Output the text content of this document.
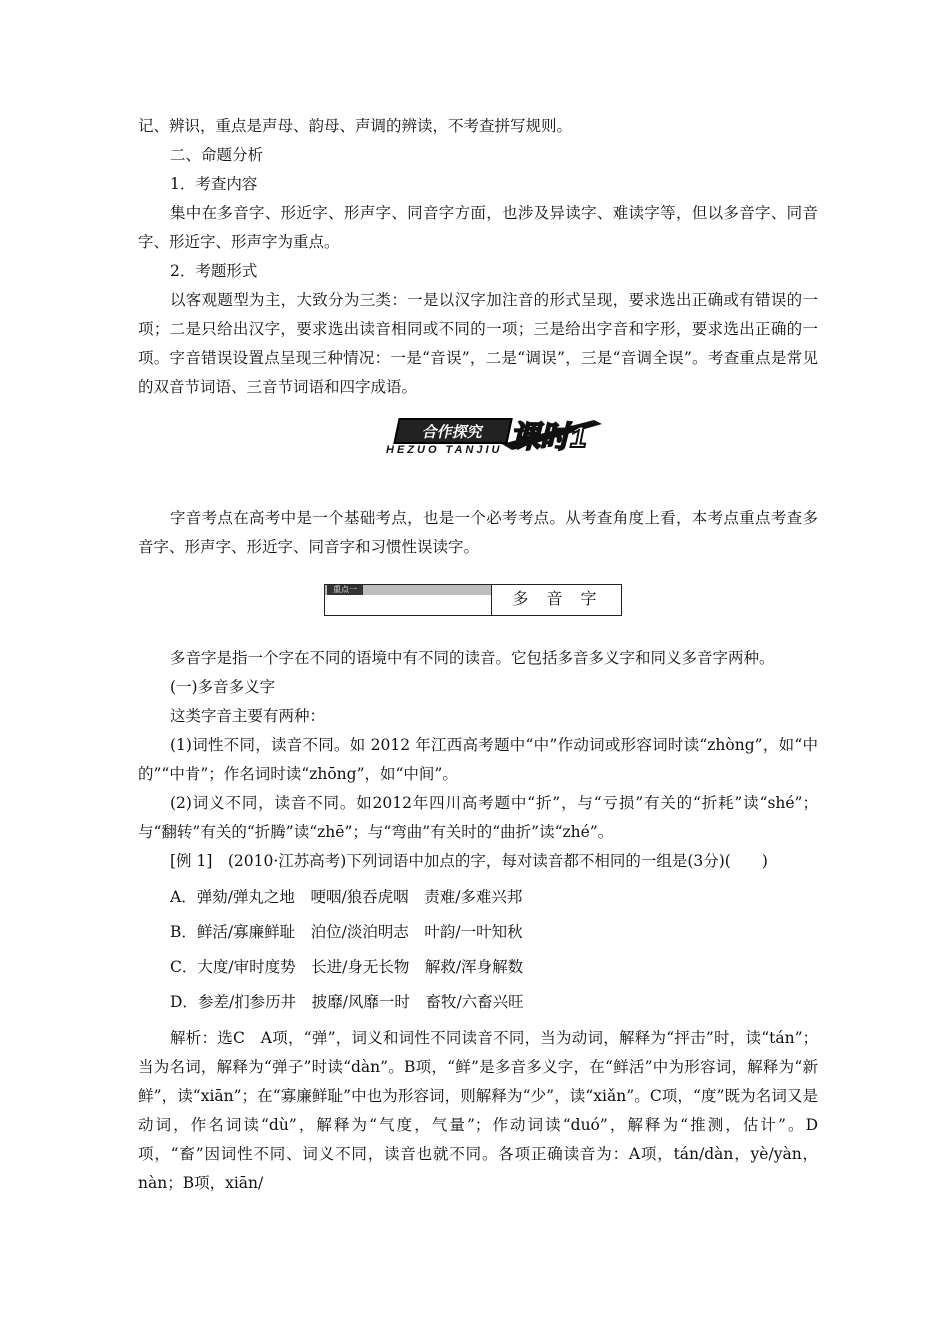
记、辨识，重点是声母、韵母、声调的辨读，不考查拼写规则。

二、命题分析

1．考查内容

集中在多音字、形近字、形声字、同音字方面，也涉及异读字、难读字等，但以多音字、同音字、形近字、形声字为重点。

2．考题形式

以客观题型为主，大致分为三类：一是以汉字加注音的形式呈现，要求选出正确或有错误的一项；二是只给出汉字，要求选出读音相同或不同的一项；三是给出字音和字形，要求选出正确的一项。字音错误设置点呈现三种情况：一是“音误”，二是“调误”，三是“音调全误”。考查重点是常见的双音节词语、三音节词语和四字成语。

合作探究
HEZUO TANJIU 课时1

字音考点在高考中是一个基础考点，也是一个必考考点。从考查角度上看，本考点重点考查多音字、形声字、形近字、同音字和习惯性误读字。

重点一	多音字

多音字是指一个字在不同的语境中有不同的读音。它包括多音多义字和同义多音字两种。

(一)多音多义字

这类字音主要有两种：

(1)词性不同，读音不同。如 2012 年江西高考题中“中”作动词或形容词时读“zhòng”，如“中的”“中肯”；作名词时读“zhōng”，如“中间”。

(2)词义不同，读音不同。如2012年四川高考题中“折”，与“亏损”有关的“折耗”读“shé”；与“翻转”有关的“折腾”读“zhē”；与“弯曲”有关时的“曲折”读“zhé”。

[例 1]　(2010·江苏高考)下列词语中加点的字，每对读音都不相同的一组是(3分)(　　)

A．弹劾/弹丸之地　 哽咽/狼吞虎咽　 责难/多难兴邦

B．鲜活/寡廉鲜耻　 泊位/淡泊明志　 叶韵/一叶知秋

C．大度/审时度势　 长进/身无长物　 解救/浑身解数

D．参差/扪参历井　 披靡/风靡一时　 畜牧/六畜兴旺

解析：选C　A项，“弹”，词义和词性不同读音不同，当为动词，解释为“抨击”时，读“tán”；当为名词，解释为“弹子”时读“dàn”。B项，“鲜”是多音多义字，在“鲜活”中为形容词，解释为“新鲜”，读“xiān”；在“寡廉鲜耻”中也为形容词，则解释为“少”，读“xiǎn”。C项，“度”既为名词又是动词，作名词读“dù”，解释为“气度，气量”；作动词读“duó”，解释为“推测，估计”。D项，“畜”因词性不同、词义不同，读音也就不同。各项正确读音为：A项，tán/dàn，yè/yàn，nàn；B项，xiān/
